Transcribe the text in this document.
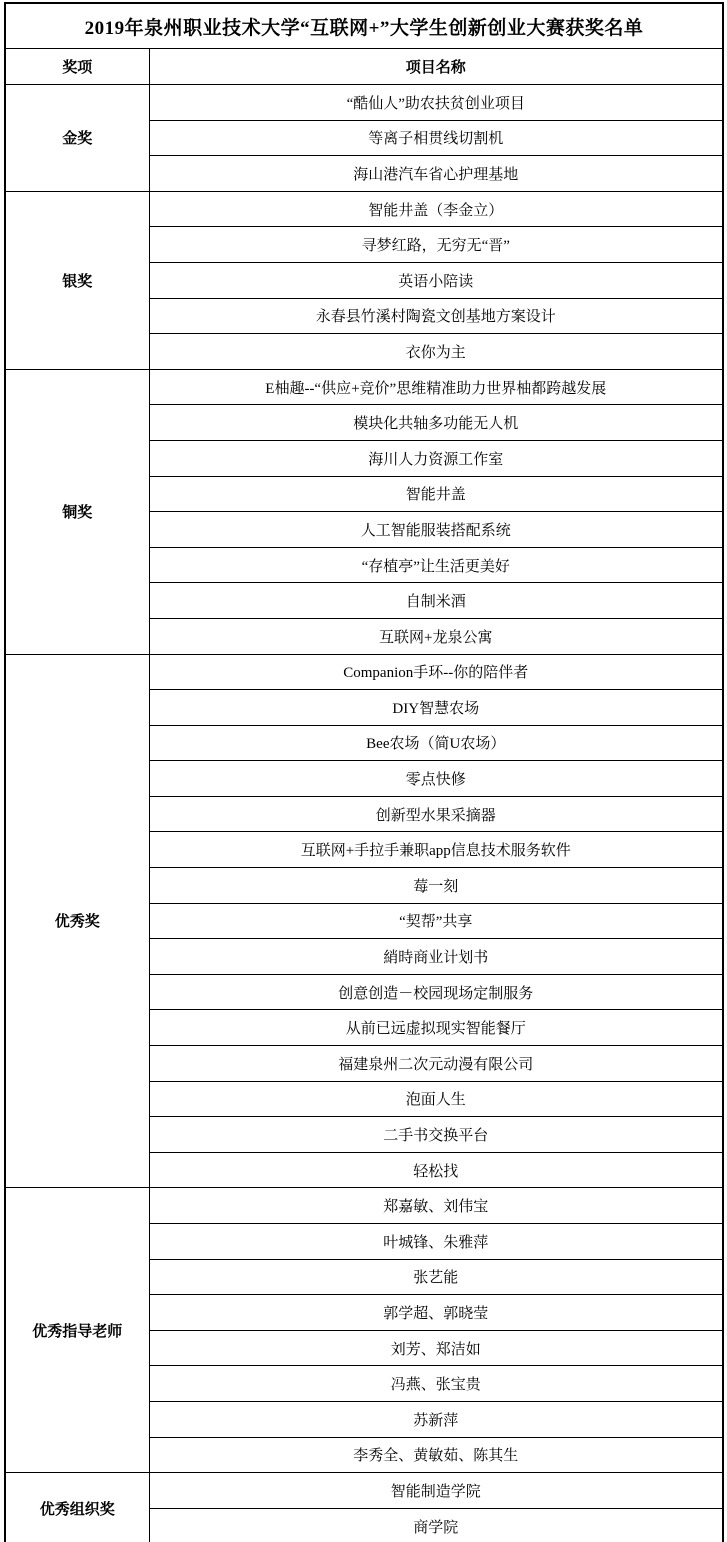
2019年泉州职业技术大学“互联网+”大学生创新创业大赛获奖名单	
奖项	项目名称
金奖	“酷仙人”助农扶贫创业项目
	等离子相贯线切割机
	海山港汽车省心护理基地
银奖	智能井盖（李金立）
	寻梦红路，无穷无“晋”
	英语小陪读
	永春县竹溪村陶瓷文创基地方案设计
	衣你为主
铜奖	E柚趣--“供应+竞价”思维精准助力世界柚都跨越发展
	模块化共轴多功能无人机
	海川人力资源工作室
	智能井盖
	人工智能服装搭配系统
	“存植亭”让生活更美好
	自制米酒
	互联网+龙泉公寓
优秀奖	Companion手环--你的陪伴者
	DIY智慧农场
	Bee农场（简U农场）
	零点快修
	创新型水果采摘器
	互联网+手拉手兼职app信息技术服务软件
	莓一刻
	“契帮”共享
	綃時商业计划书
	创意创造－校园现场定制服务
	从前已远虚拟现实智能餐厅
	福建泉州二次元动漫有限公司
	泡面人生
	二手书交换平台
	轻松找
优秀指导老师	郑嘉敏、刘伟宝
	叶城锋、朱雅萍
	张艺能
	郭学超、郭晓莹
	刘芳、郑洁如
	冯燕、张宝贵
	苏新萍
	李秀全、黄敏茹、陈其生
优秀组织奖	智能制造学院
	商学院
